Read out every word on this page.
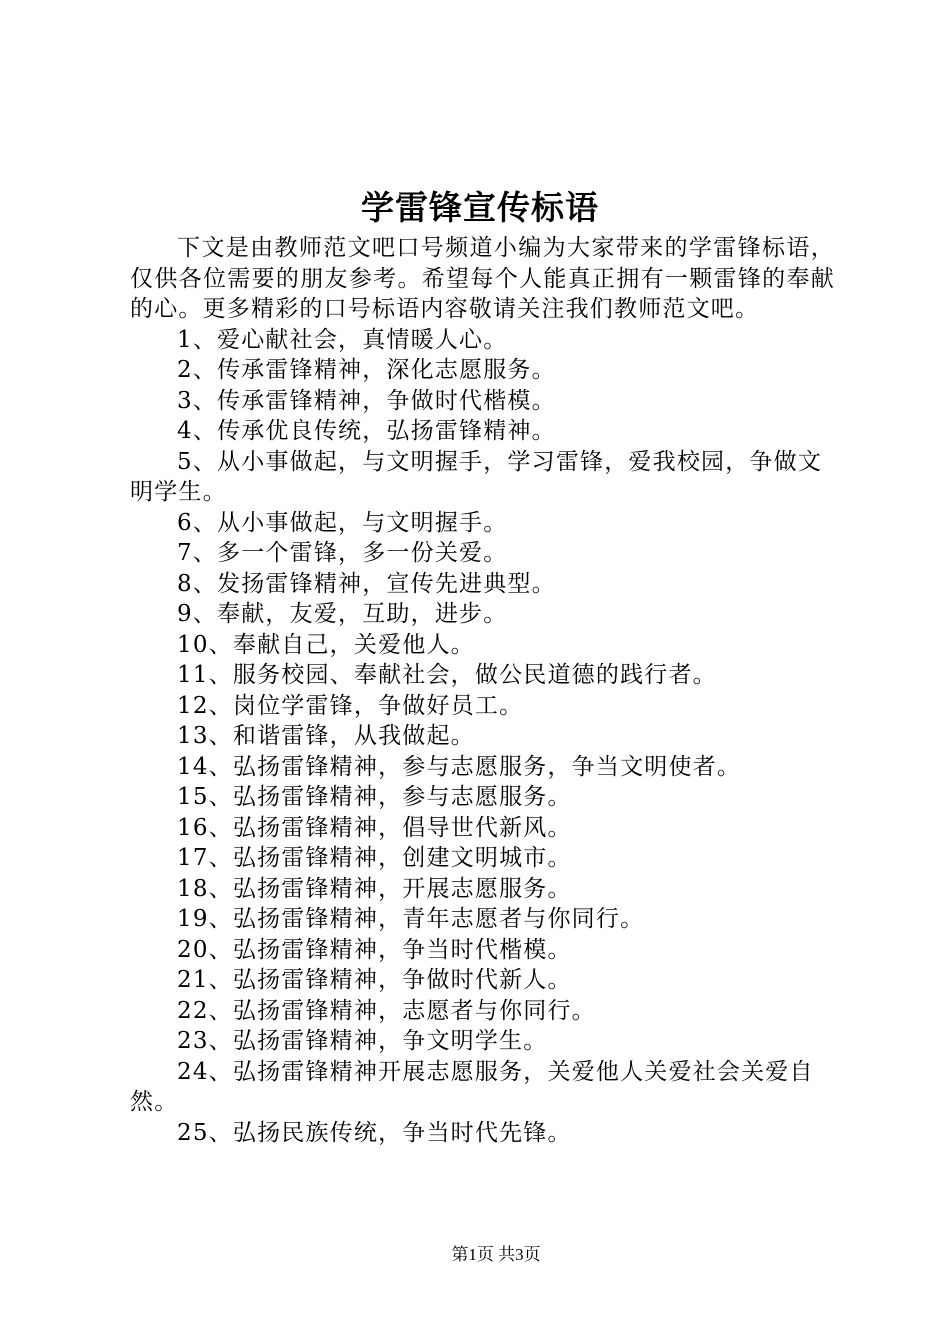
学雷锋宣传标语

下文是由教师范文吧口号频道小编为大家带来的学雷锋标语，仅供各位需要的朋友参考。希望每个人能真正拥有一颗雷锋的奉献的心。更多精彩的口号标语内容敬请关注我们教师范文吧。

1、爱心献社会，真情暖人心。

2、传承雷锋精神，深化志愿服务。

3、传承雷锋精神，争做时代楷模。

4、传承优良传统，弘扬雷锋精神。

5、从小事做起，与文明握手，学习雷锋，爱我校园，争做文明学生。

6、从小事做起，与文明握手。

7、多一个雷锋，多一份关爱。

8、发扬雷锋精神，宣传先进典型。

9、奉献，友爱，互助，进步。

10、奉献自己，关爱他人。

11、服务校园、奉献社会，做公民道德的践行者。

12、岗位学雷锋，争做好员工。

13、和谐雷锋，从我做起。

14、弘扬雷锋精神，参与志愿服务，争当文明使者。

15、弘扬雷锋精神，参与志愿服务。

16、弘扬雷锋精神，倡导世代新风。

17、弘扬雷锋精神，创建文明城市。

18、弘扬雷锋精神，开展志愿服务。

19、弘扬雷锋精神，青年志愿者与你同行。

20、弘扬雷锋精神，争当时代楷模。

21、弘扬雷锋精神，争做时代新人。

22、弘扬雷锋精神，志愿者与你同行。

23、弘扬雷锋精神，争文明学生。

24、弘扬雷锋精神开展志愿服务，关爱他人关爱社会关爱自然。

25、弘扬民族传统，争当时代先锋。

第1页 共3页
